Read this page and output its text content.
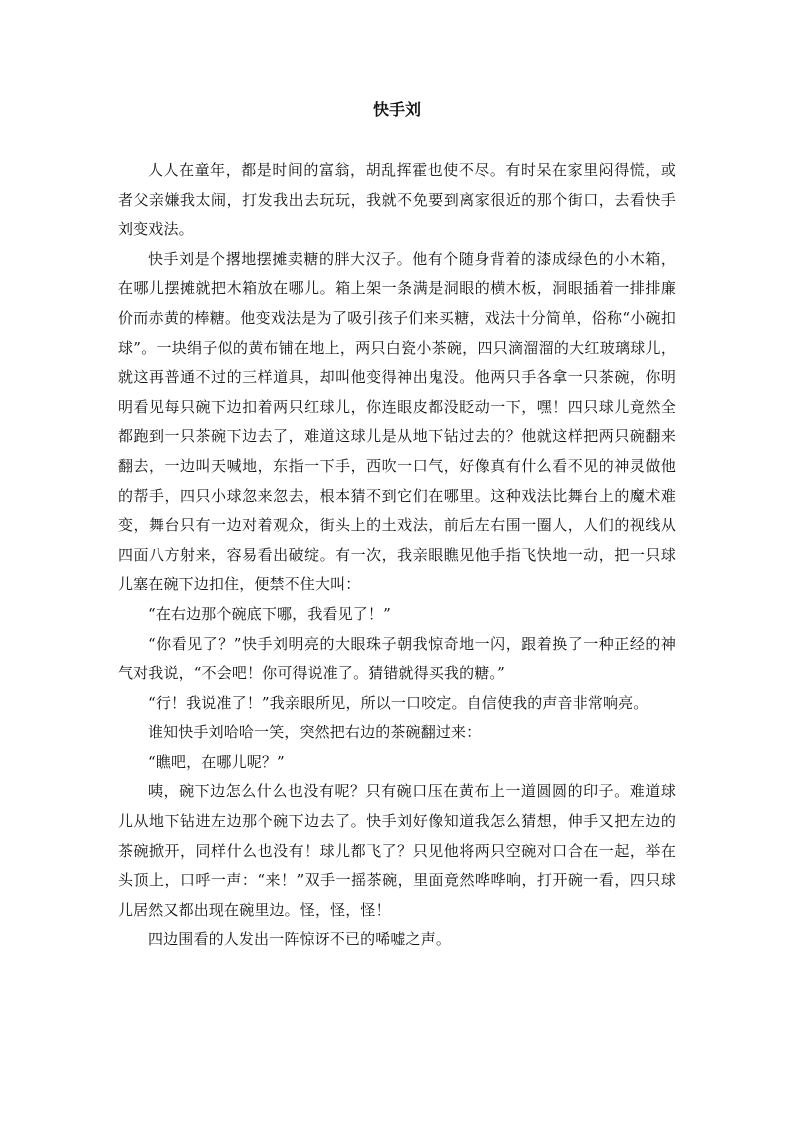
快手刘

人人在童年，都是时间的富翁，胡乱挥霍也使不尽。有时呆在家里闷得慌，或者父亲嫌我太闹，打发我出去玩玩，我就不免要到离家很近的那个街口，去看快手刘变戏法。

快手刘是个撂地摆摊卖糖的胖大汉子。他有个随身背着的漆成绿色的小木箱，在哪儿摆摊就把木箱放在哪儿。箱上架一条满是洞眼的横木板，洞眼插着一排排廉价而赤黄的棒糖。他变戏法是为了吸引孩子们来买糖，戏法十分简单，俗称“小碗扣球”。一块绢子似的黄布铺在地上，两只白瓷小茶碗，四只滴溜溜的大红玻璃球儿，就这再普通不过的三样道具，却叫他变得神出鬼没。他两只手各拿一只茶碗，你明明看见每只碗下边扣着两只红球儿，你连眼皮都没眨动一下，嘿！四只球儿竟然全都跑到一只茶碗下边去了，难道这球儿是从地下钻过去的？他就这样把两只碗翻来翻去，一边叫天喊地，东指一下手，西吹一口气，好像真有什么看不见的神灵做他的帮手，四只小球忽来忽去，根本猜不到它们在哪里。这种戏法比舞台上的魔术难变，舞台只有一边对着观众，街头上的土戏法，前后左右围一圈人，人们的视线从四面八方射来，容易看出破绽。有一次，我亲眼瞧见他手指飞快地一动，把一只球儿塞在碗下边扣住，便禁不住大叫：

“在右边那个碗底下哪，我看见了！”

“你看见了？”快手刘明亮的大眼珠子朝我惊奇地一闪，跟着换了一种正经的神气对我说，“不会吧！你可得说准了。猜错就得买我的糖。”

“行！我说准了！”我亲眼所见，所以一口咬定。自信使我的声音非常响亮。

谁知快手刘哈哈一笑，突然把右边的茶碗翻过来：

“瞧吧，在哪儿呢？”

咦，碗下边怎么什么也没有呢？只有碗口压在黄布上一道圆圆的印子。难道球儿从地下钻进左边那个碗下边去了。快手刘好像知道我怎么猜想，伸手又把左边的茶碗掀开，同样什么也没有！球儿都飞了？只见他将两只空碗对口合在一起，举在头顶上，口呼一声：“来！”双手一摇茶碗，里面竟然哗哗响，打开碗一看，四只球儿居然又都出现在碗里边。怪，怪，怪！

四边围看的人发出一阵惊讶不已的唏嘘之声。
